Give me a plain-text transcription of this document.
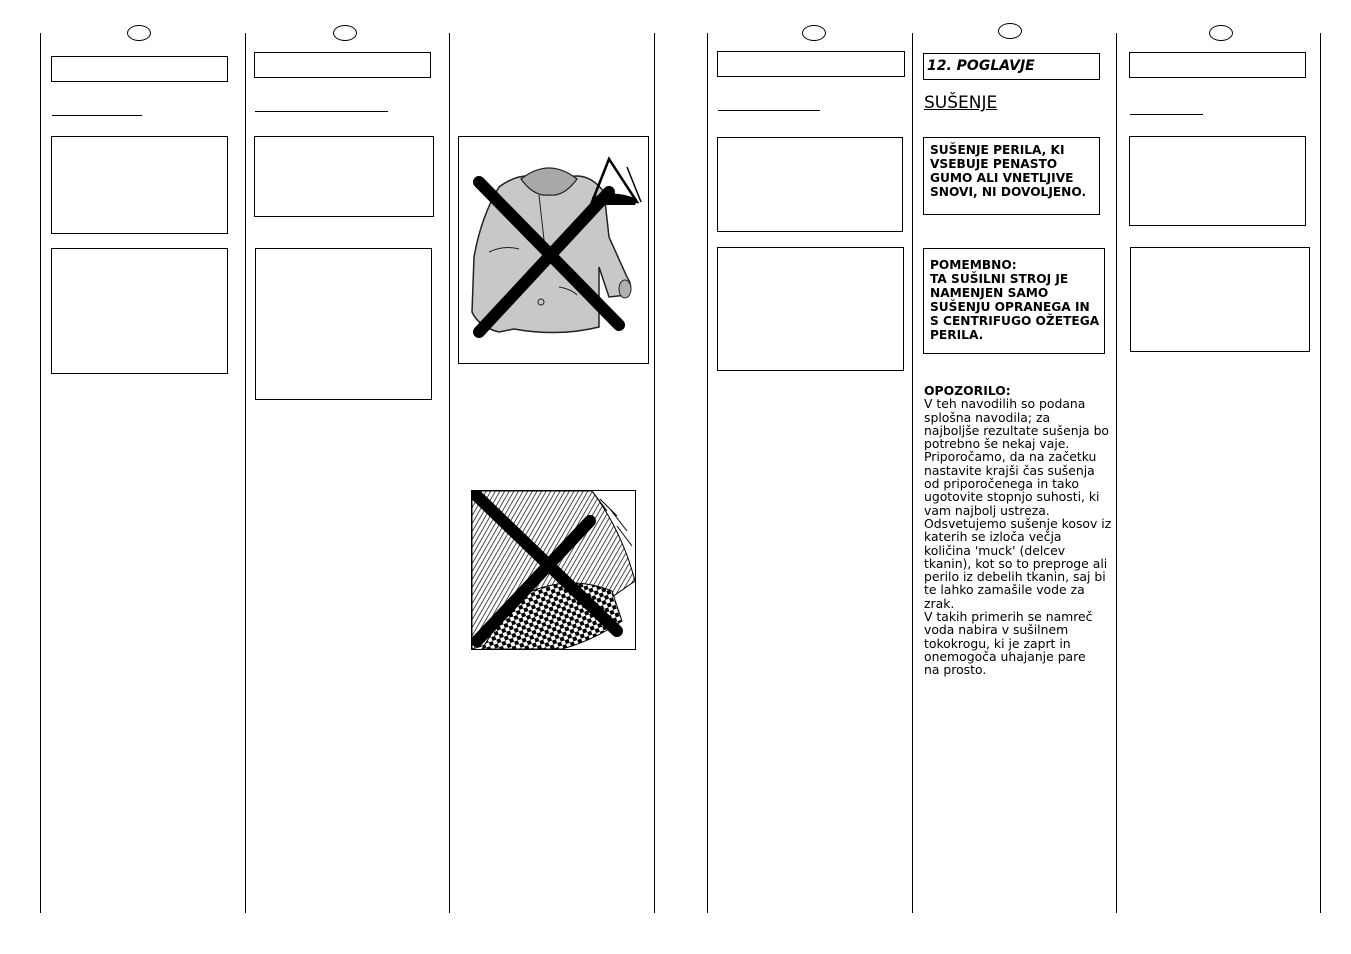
12. POGLAVJE
SUŠENJE
SUŠENJE PERILA, KI
VSEBUJE PENASTO
GUMO ALI VNETLJIVE
SNOVI, NI DOVOLJENO.
POMEMBNO:
TA SUŠILNI STROJ JE
NAMENJEN SAMO
SUŠENJU OPRANEGA IN
S CENTRIFUGO OŽETEGA
PERILA.
OPOZORILO:
V teh navodilih so podana
splošna navodila; za
najboljše rezultate sušenja bo
potrebno še nekaj vaje.
Priporočamo, da na začetku
nastavite krajši čas sušenja
od priporočenega in tako
ugotovite stopnjo suhosti, ki
vam najbolj ustreza.
Odsvetujemo sušenje kosov iz
katerih se izloča večja
količina 'muck' (delcev
tkanin), kot so to preproge ali
perilo iz debelih tkanin, saj bi
te lahko zamašile vode za
zrak.
V takih primerih se namreč
voda nabira v sušilnem
tokokrogu, ki je zaprt in
onemogoča uhajanje pare
na prosto.
